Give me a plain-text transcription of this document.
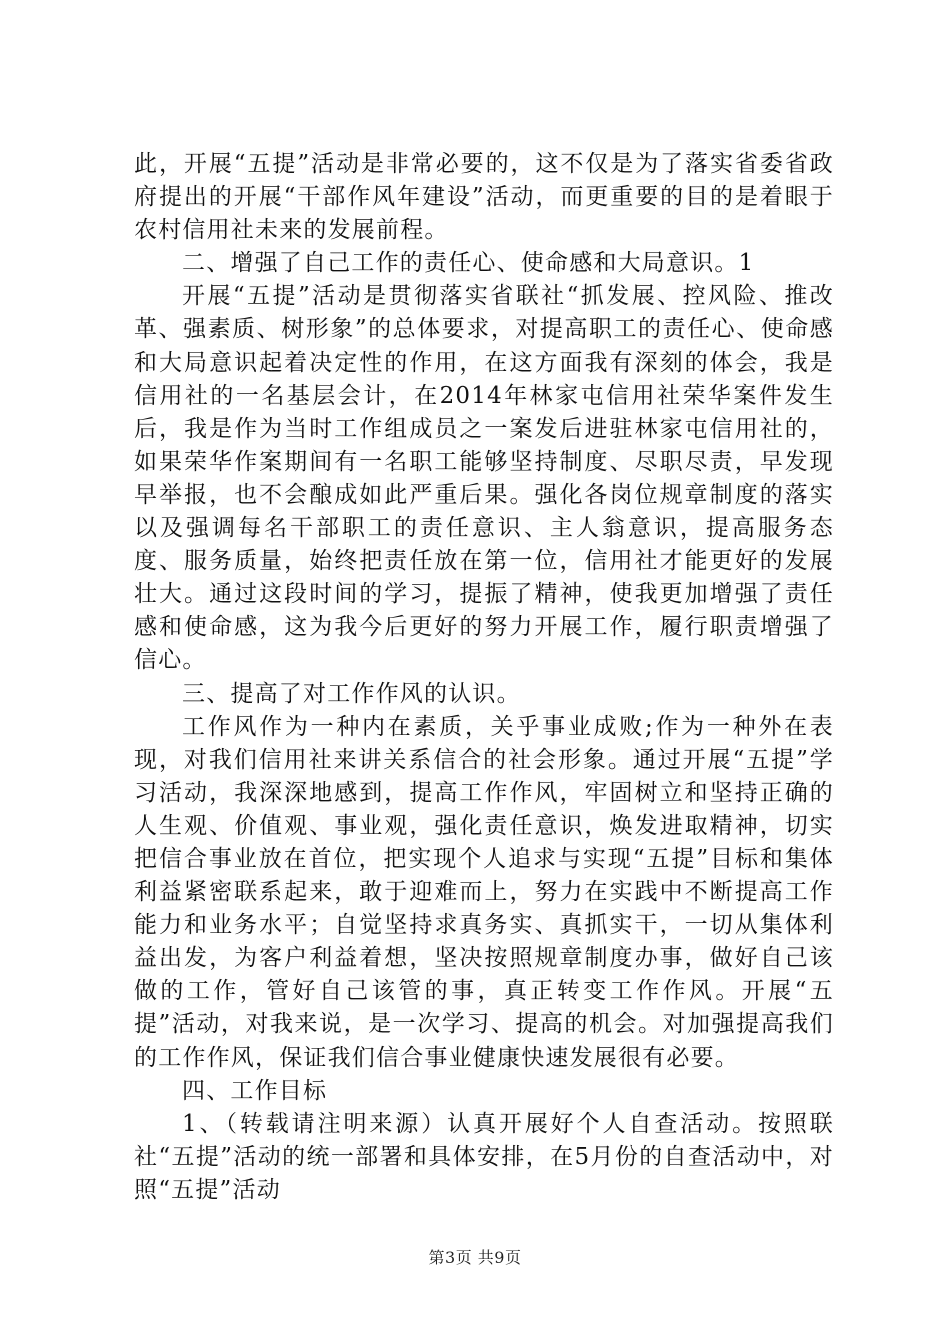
此，开展“五提”活动是非常必要的，这不仅是为了落实省委省政府提出的开展“干部作风年建设”活动，而更重要的目的是着眼于农村信用社未来的发展前程。

二、增强了自己工作的责任心、使命感和大局意识。1

开展“五提”活动是贯彻落实省联社“抓发展、控风险、推改革、强素质、树形象”的总体要求，对提高职工的责任心、使命感和大局意识起着决定性的作用，在这方面我有深刻的体会，我是信用社的一名基层会计，在2014年林家屯信用社荣华案件发生后，我是作为当时工作组成员之一案发后进驻林家屯信用社的，如果荣华作案期间有一名职工能够坚持制度、尽职尽责，早发现早举报，也不会酿成如此严重后果。强化各岗位规章制度的落实以及强调每名干部职工的责任意识、主人翁意识，提高服务态度、服务质量，始终把责任放在第一位，信用社才能更好的发展壮大。通过这段时间的学习，提振了精神，使我更加增强了责任感和使命感，这为我今后更好的努力开展工作，履行职责增强了信心。

三、提高了对工作作风的认识。

工作风作为一种内在素质，关乎事业成败;作为一种外在表现，对我们信用社来讲关系信合的社会形象。通过开展“五提”学习活动，我深深地感到，提高工作作风，牢固树立和坚持正确的人生观、价值观、事业观，强化责任意识，焕发进取精神，切实把信合事业放在首位，把实现个人追求与实现“五提”目标和集体利益紧密联系起来，敢于迎难而上，努力在实践中不断提高工作能力和业务水平；自觉坚持求真务实、真抓实干，一切从集体利益出发，为客户利益着想，坚决按照规章制度办事，做好自己该做的工作，管好自己该管的事，真正转变工作作风。开展“五提”活动，对我来说，是一次学习、提高的机会。对加强提高我们的工作作风，保证我们信合事业健康快速发展很有必要。

四、工作目标

1、（转载请注明来源）认真开展好个人自查活动。按照联社“五提”活动的统一部署和具体安排，在5月份的自查活动中，对照“五提”活动

第3页 共9页
